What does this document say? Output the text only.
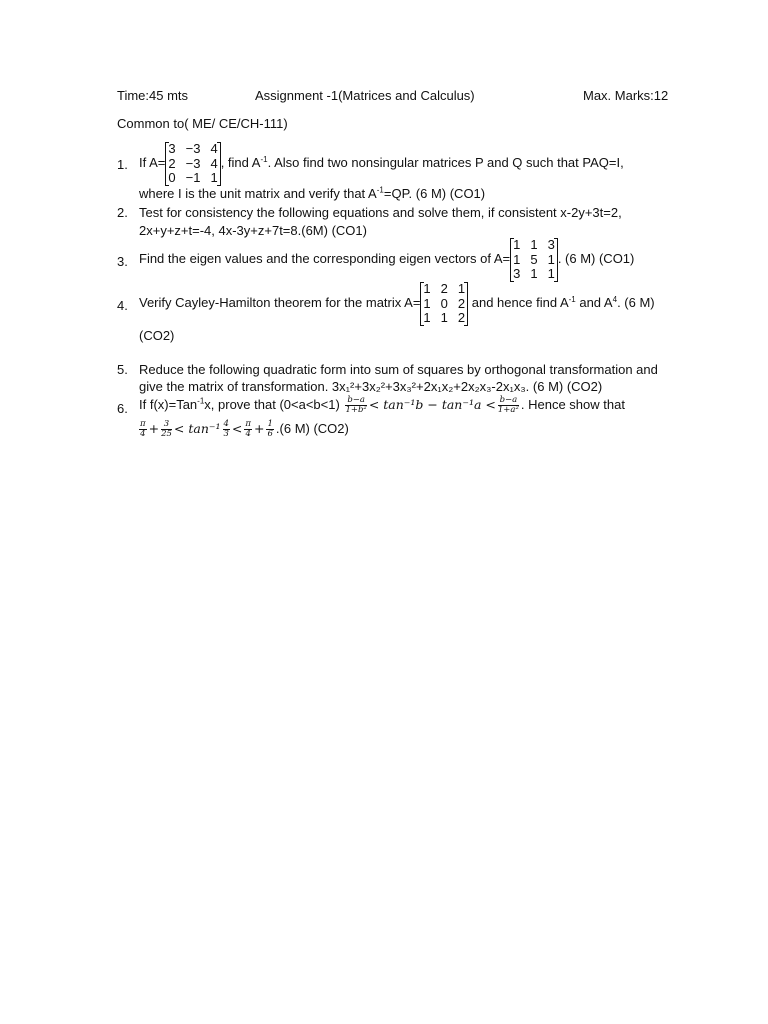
Time:45 mts	Assignment -1(Matrices and Calculus)	Max. Marks:12
Common to( ME/ CE/CH-111)
1. If A=
3 −3 4
2 −3 4
0 −1 1
, find $A^{-1}$. Also find two nonsingular matrices P and Q such that PAQ=I,
where I is the unit matrix and verify that $A^{-1}=QP$. (6 M) (CO1)
2. Test for consistency the following equations and solve them, if consistent x-2y+3t=2,
2x+y+z+t=-4, 4x-3y+z+7t=8.(6M) (CO1)
3. Find the eigen values and the corresponding eigen vectors of A=
1 1 3
1 5 1
3 1 1
. (6 M) (CO1)
4. Verify Cayley-Hamilton theorem for the matrix A=
1 2 1
1 0 2
1 1 2
and hence find $A^{-1}$ and $A^4$. (6 M)
(CO2)
5. Reduce the following quadratic form into sum of squares by orthogonal transformation and
give the matrix of transformation. 3x₁²+3x₂²+3x₃²+2x₁x₂+2x₂x₃-2x₁x₃. (6 M) (CO2)
6. If f(x)=Tan$^{-1}$x, prove that $(0<a<b<1) \frac{b-a}{\text{1+b²}} < \tan^{-1}b - \tan^{-1}a < \frac{b-a}{\text{1+a²}}$ . Hence show that
$\frac{\pi}{4} + \frac{3}{25} < \tan^{-1} \frac{4}{3} < \frac{\pi}{4} + \frac{1}{6} .(6$ M) (CO2)
